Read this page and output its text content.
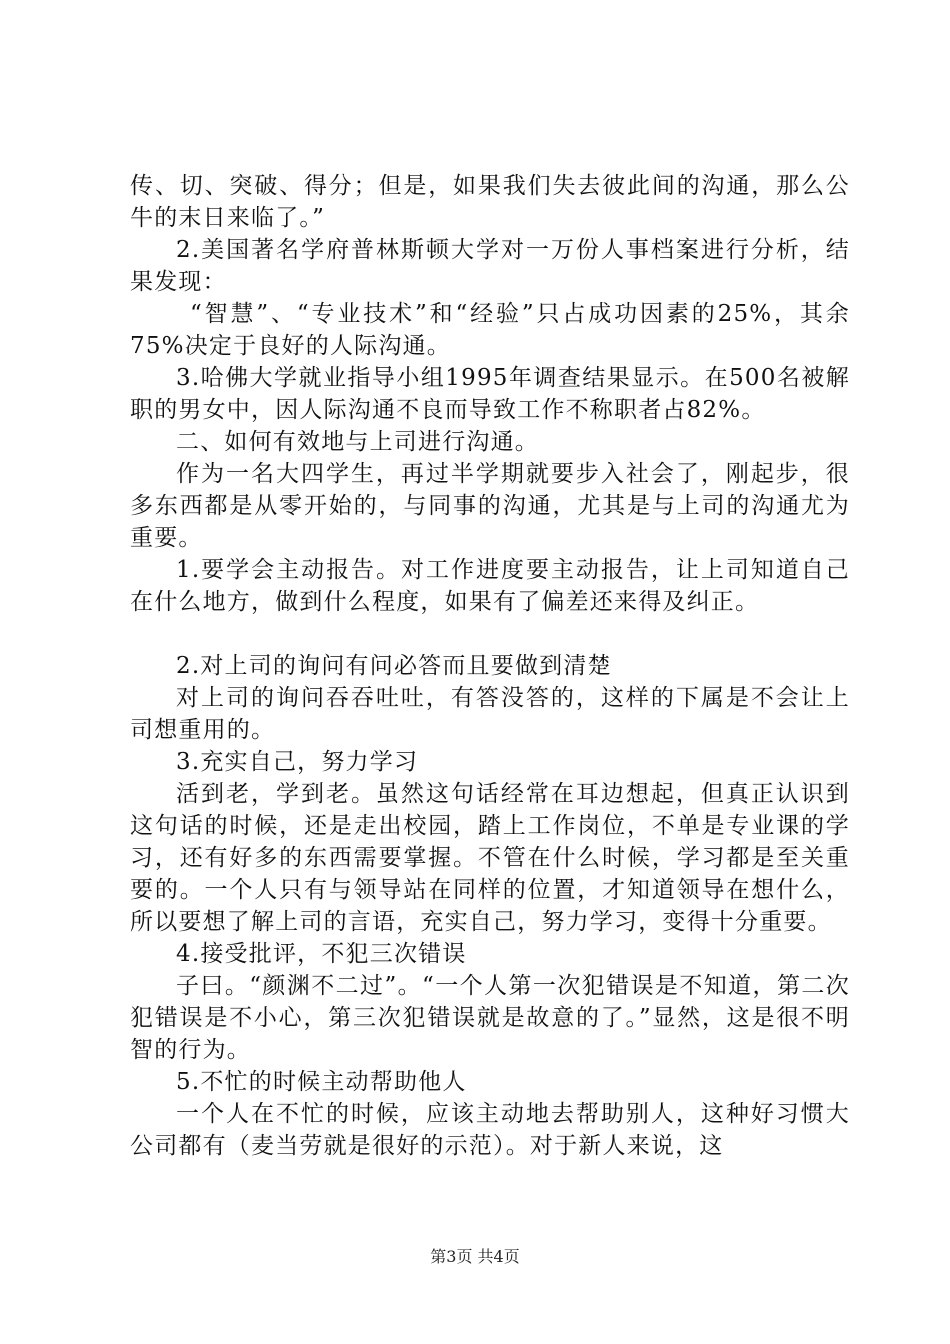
传、切、突破、得分；但是，如果我们失去彼此间的沟通，那么公牛的末日来临了。”

2.美国著名学府普林斯顿大学对一万份人事档案进行分析，结果发现：

“智慧”、“专业技术”和“经验”只占成功因素的25%，其余75%决定于良好的人际沟通。

3.哈佛大学就业指导小组1995年调查结果显示。在500名被解职的男女中，因人际沟通不良而导致工作不称职者占82%。

二、如何有效地与上司进行沟通。

作为一名大四学生，再过半学期就要步入社会了，刚起步，很多东西都是从零开始的，与同事的沟通，尤其是与上司的沟通尤为重要。

1.要学会主动报告。对工作进度要主动报告，让上司知道自己在什么地方，做到什么程度，如果有了偏差还来得及纠正。

2.对上司的询问有问必答而且要做到清楚

对上司的询问吞吞吐吐，有答没答的，这样的下属是不会让上司想重用的。

3.充实自己，努力学习

活到老，学到老。虽然这句话经常在耳边想起，但真正认识到这句话的时候，还是走出校园，踏上工作岗位，不单是专业课的学习，还有好多的东西需要掌握。不管在什么时候，学习都是至关重要的。一个人只有与领导站在同样的位置，才知道领导在想什么，所以要想了解上司的言语，充实自己，努力学习，变得十分重要。

4.接受批评，不犯三次错误

子曰。“颜渊不二过”。“一个人第一次犯错误是不知道，第二次犯错误是不小心，第三次犯错误就是故意的了。”显然，这是很不明智的行为。

5.不忙的时候主动帮助他人

一个人在不忙的时候，应该主动地去帮助别人，这种好习惯大公司都有（麦当劳就是很好的示范）。对于新人来说，这

第3页 共4页
